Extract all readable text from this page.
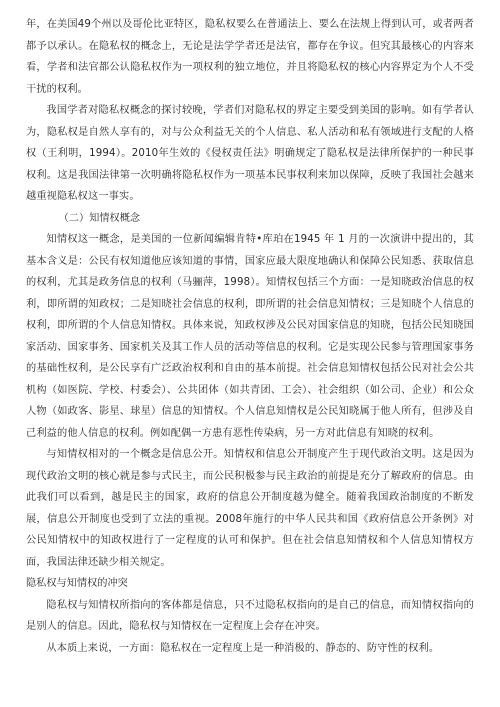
年，在美国49个州以及哥伦比亚特区，隐私权要么在普通法上、要么在法规上得到认可，或者两者都予以承认。在隐私权的概念上，无论是法学学者还是法官，都存在争议。但究其最核心的内容来看，学者和法官都公认隐私权作为一项权利的独立地位，并且将隐私权的核心内容界定为个人不受干扰的权利。

我国学者对隐私权概念的探讨较晚，学者们对隐私权的界定主要受到美国的影响。如有学者认为，隐私权是自然人享有的，对与公众利益无关的个人信息、私人活动和私有领域进行支配的人格权（王利明，1994）。2010年生效的《侵权责任法》明确规定了隐私权是法律所保护的一种民事权利。这是我国法律第一次明确将隐私权作为一项基本民事权利来加以保障，反映了我国社会越来越重视隐私权这一事实。

（二）知情权概念

知情权这一概念，是美国的一位新闻编辑肯特•库珀在1945 年 1 月的一次演讲中提出的，其基本含义是：公民有权知道他应该知道的事情，国家应最大限度地确认和保障公民知悉、获取信息的权利，尤其是政务信息的权利（马骊萍，1998）。知情权包括三个方面：一是知晓政治信息的权利，即所谓的知政权；二是知晓社会信息的权利，即所谓的社会信息知情权；三是知晓个人信息的权利，即所谓的个人信息知情权。具体来说，知政权涉及公民对国家信息的知晓，包括公民知晓国家活动、国家事务、国家机关及其工作人员的活动等信息的权利。它是实现公民参与管理国家事务的基础性权利，是公民享有广泛政治权利和自由的基本前提。社会信息知情权包括公民对社会公共机构（如医院、学校、村委会）、公共团体（如共青团、工会）、社会组织（如公司、企业）和公众人物（如政客、影星、球星）信息的知情权。个人信息知情权是公民知晓属于他人所有，但涉及自己利益的他人信息的权利。例如配偶一方患有恶性传染病，另一方对此信息有知晓的权利。

与知情权相对的一个概念是信息公开。知情权和信息公开制度产生于现代政治文明。这是因为现代政治文明的核心就是参与式民主，而公民积极参与民主政治的前提是充分了解政府的信息。由此我们可以看到，越是民主的国家，政府的信息公开制度越为健全。随着我国政治制度的不断发展，信息公开制度也受到了立法的重视。2008年施行的中华人民共和国《政府信息公开条例》对公民知情权中的知政权进行了一定程度的认可和保护。但在社会信息知情权和个人信息知情权方面，我国法律还缺少相关规定。

隐私权与知情权的冲突

隐私权与知情权所指向的客体都是信息，只不过隐私权指向的是自己的信息，而知情权指向的是别人的信息。因此，隐私权与知情权在一定程度上会存在冲突。

从本质上来说，一方面：隐私权在一定程度上是一种消极的、静态的、防守性的权利。
